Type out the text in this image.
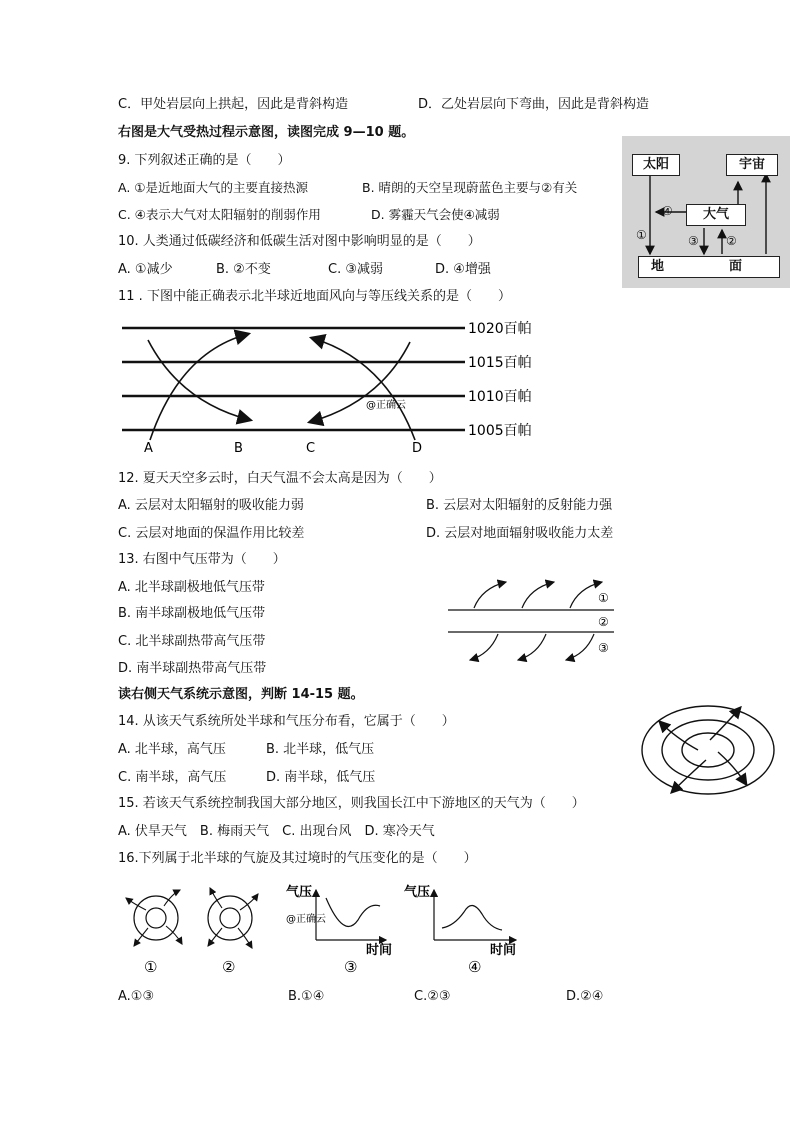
C．甲处岩层向上拱起，因此是背斜构造	D．乙处岩层向下弯曲，因此是背斜构造
右图是大气受热过程示意图，读图完成 9—10 题。
9. 下列叙述正确的是（　　）
A. ①是近地面大气的主要直接热源	B. 晴朗的天空呈现蔚蓝色主要与②有关
C. ④表示大气对太阳辐射的削弱作用	D. 雾霾天气会使④减弱
10. 人类通过低碳经济和低碳生活对图中影响明显的是（　　）
A. ①减少	B. ②不变	C. ③减弱	D. ④增强
太阳	宇宙
大气
地　　　　　面
④
①	③ ②
11 . 下图中能正确表示北半球近地面风向与等压线关系的是（　　）
1020百帕
1015百帕
1010百帕
1005百帕
@正确云
A	B	C	D
12. 夏天天空多云时，白天气温不会太高是因为（　　）
A. 云层对太阳辐射的吸收能力弱	B. 云层对太阳辐射的反射能力强
C. 云层对地面的保温作用比较差	D. 云层对地面辐射吸收能力太差
13. 右图中气压带为（　　）
A. 北半球副极地低气压带
B. 南半球副极地低气压带
C. 北半球副热带高气压带
D. 南半球副热带高气压带
①
②
③
读右侧天气系统示意图，判断 14-15 题。
14. 从该天气系统所处半球和气压分布看，它属于（　　）
A. 北半球，高气压	B. 北半球，低气压
C. 南半球，高气压	D. 南半球，低气压
15. 若该天气系统控制我国大部分地区，则我国长江中下游地区的天气为（　　）
A. 伏旱天气　B. 梅雨天气　C. 出现台风　D. 寒冷天气
16.下列属于北半球的气旋及其过境时的气压变化的是（　　）
气压
时间
@正确云
气压
时间
①	②	③	④
A.①③	B.①④	C.②③	D.②④
